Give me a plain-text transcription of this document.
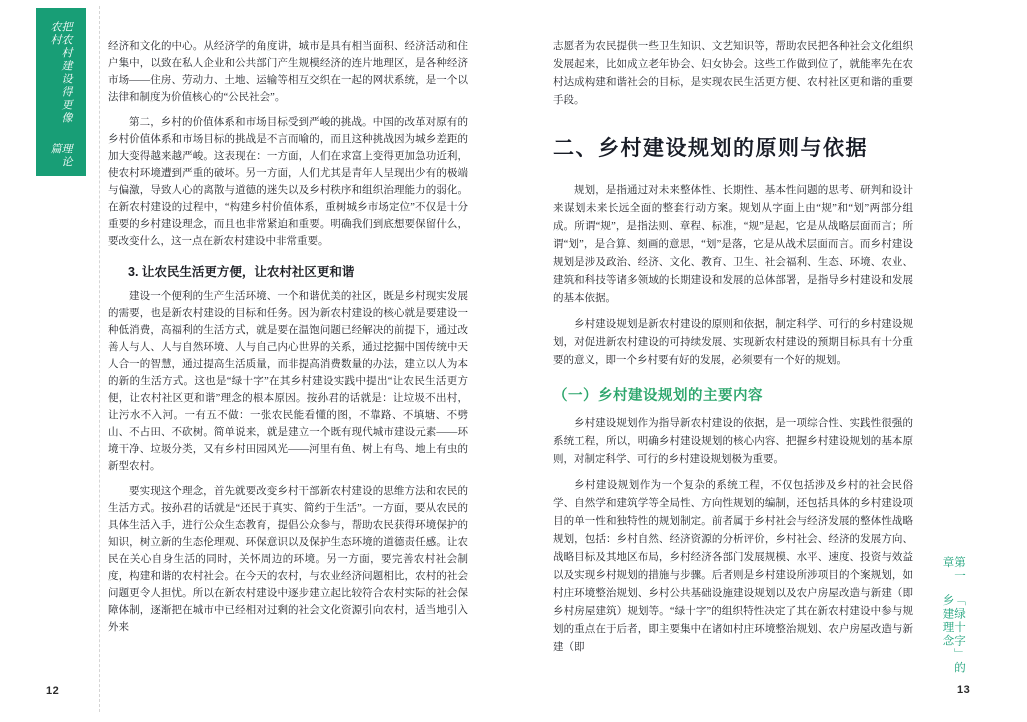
把农村建设得更像农村
理论篇

经济和文化的中心。从经济学的角度讲，城市是具有相当面积、经济活动和住户集中，以致在私人企业和公共部门产生规模经济的连片地理区，是各种经济市场——住房、劳动力、土地、运输等相互交织在一起的网状系统，是一个以法律和制度为价值核心的“公民社会”。

第二，乡村的价值体系和市场目标受到严峻的挑战。中国的改革对原有的乡村价值体系和市场目标的挑战是不言而喻的，而且这种挑战因为城乡差距的加大变得越来越严峻。这表现在：一方面，人们在求富上变得更加急功近利，使农村环境遭到严重的破坏。另一方面，人们尤其是青年人呈现出少有的极端与偏激，导致人心的离散与道德的迷失以及乡村秩序和组织治理能力的弱化。在新农村建设的过程中，“构建乡村价值体系，重树城乡市场定位”不仅是十分重要的乡村建设理念，而且也非常紧迫和重要。明确我们到底想要保留什么，要改变什么，这一点在新农村建设中非常重要。

3. 让农民生活更方便，让农村社区更和谐

建设一个便利的生产生活环境、一个和谐优美的社区，既是乡村现实发展的需要，也是新农村建设的目标和任务。因为新农村建设的核心就是要建设一种低消费，高福利的生活方式，就是要在温饱问题已经解决的前提下，通过改善人与人、人与自然环境、人与自己内心世界的关系，通过挖掘中国传统中天人合一的智慧，通过提高生活质量，而非提高消费数量的办法，建立以人为本的新的生活方式。这也是“绿十字”在其乡村建设实践中提出“让农民生活更方便，让农村社区更和谐”理念的根本原因。按孙君的话就是：让垃圾不出村，让污水不入河。一有五不做：一张农民能看懂的图，不靠路、不填塘、不劈山、不占田、不砍树。简单说来，就是建立一个既有现代城市建设元素——环境干净、垃圾分类，又有乡村田园风光——河里有鱼、树上有鸟、地上有虫的新型农村。

要实现这个理念，首先就要改变乡村干部新农村建设的思维方法和农民的生活方式。按孙君的话就是“还民于真实、简约于生活”。一方面，要从农民的具体生活入手，进行公众生态教育，提倡公众参与，帮助农民获得环境保护的知识，树立新的生态伦理观、环保意识以及保护生态环境的道德责任感。让农民在关心自身生活的同时，关怀周边的环境。另一方面，要完善农村社会制度，构建和谐的农村社会。在今天的农村，与农业经济问题相比，农村的社会问题更令人担忧。所以在新农村建设中逐步建立起比较符合农村实际的社会保障体制，逐渐把在城市中已经相对过剩的社会文化资源引向农村，适当地引入外来

12

志愿者为农民提供一些卫生知识、文艺知识等，帮助农民把各种社会文化组织发展起来，比如成立老年协会、妇女协会。这些工作做到位了，就能率先在农村达成构建和谐社会的目标，是实现农民生活更方便、农村社区更和谐的重要手段。

二、乡村建设规划的原则与依据

规划，是指通过对未来整体性、长期性、基本性问题的思考、研判和设计来谋划未来长远全面的整套行动方案。规划从字面上由“规”和“划”两部分组成。所谓“规”，是指法则、章程、标准，“规”是起，它是从战略层面而言；所谓“划”，是合算、刻画的意思，“划”是落，它是从战术层面而言。而乡村建设规划是涉及政治、经济、文化、教育、卫生、社会福利、生态、环境、农业、建筑和科技等诸多领域的长期建设和发展的总体部署，是指导乡村建设和发展的基本依据。

乡村建设规划是新农村建设的原则和依据，制定科学、可行的乡村建设规划，对促进新农村建设的可持续发展、实现新农村建设的预期目标具有十分重要的意义，即一个乡村要有好的发展，必须要有一个好的规划。

（一）乡村建设规划的主要内容

乡村建设规划作为指导新农村建设的依据，是一项综合性、实践性很强的系统工程，所以，明确乡村建设规划的核心内容、把握乡村建设规划的基本原则，对制定科学、可行的乡村建设规划极为重要。

乡村建设规划作为一个复杂的系统工程，不仅包括涉及乡村的社会民俗学、自然学和建筑学等全局性、方向性规划的编制，还包括具体的乡村建设项目的单一性和独特性的规划制定。前者属于乡村社会与经济发展的整体性战略规划，包括：乡村自然、经济资源的分析评价，乡村社会、经济的发展方向、战略目标及其地区布局，乡村经济各部门发展规模、水平、速度、投资与效益以及实现乡村规划的措施与步骤。后者则是乡村建设所涉项目的个案规划，如村庄环境整治规划、乡村公共基础设施建设规划以及农户房屋改造与新建（即乡村房屋建筑）规划等。“绿十字”的组织特性决定了其在新农村建设中参与规划的重点在于后者，即主要集中在诸如村庄环境整治规划、农户房屋改造与新建（即

第一章
「绿十字」的乡建理念
13
